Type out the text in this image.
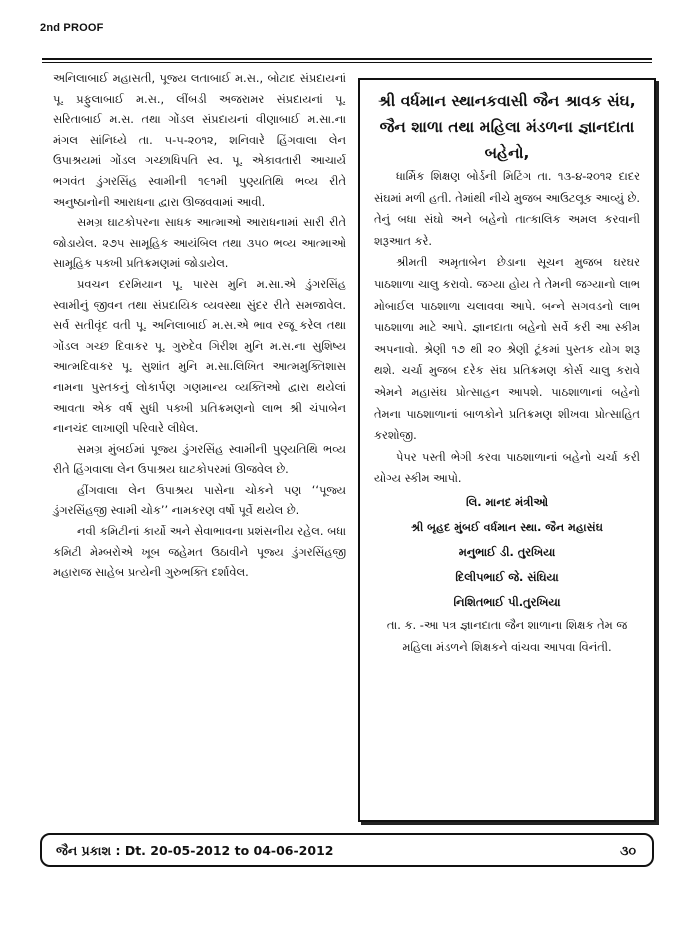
2nd PROOF

અનિલાબાઈ મહાસતી, પૂજ્ય લતાબાઈ મ.સ., બોટાદ સંપ્રદાયનાં પૂ. પ્રફુલાબાઈ મ.સ., લીંબડી અજરામર સંપ્રદાયનાં પૂ. સરિતાબાઈ મ.સ. તથા ગોંડલ સંપ્રદાયનાં વીણાબાઈ મ.સા.ના મંગલ સાંનિધ્યે તા. ૫-૫-૨૦૧૨, શનિવારે હિંગવાલા લેન ઉપાશ્રયમાં ગોંડલ ગચ્છાધિપતિ સ્વ. પૂ. એકાવતારી આચાર્ય ભગવંત ડુંગરસિંહ સ્વામીની ૧૯૧મી પુણ્યતિથિ ભવ્ય રીતે અનુષ્ઠાનોની આરાધના દ્વારા ઊજવવામાં આવી.

સમગ્ર ઘાટકોપરના સાધક આત્માઓ આરાધનામાં સારી રીતે જોડાયેલ. ૨૭૫ સામૂહિક આયંબિલ તથા ૩૫૦ ભવ્ય આત્માઓ સામૂહિક પક્ખી પ્રતિક્રમણમાં જોડાયેલ.

પ્રવચન દરમિયાન પૂ. પારસ મુનિ મ.સા.એ ડુંગરસિંહ સ્વામીનું જીવન તથા સંપ્રદાયિક વ્યવસ્થા સુંદર રીતે સમજાવેલ. સર્વ સતીવૃંદ વતી પૂ. અનિલાબાઈ મ.સ.એ ભાવ રજૂ કરેલ તથા ગોંડલ ગચ્છ દિવાકર પૂ. ગુરુદેવ ગિરીશ મુનિ મ.સ.ના સુશિષ્ય આત્મદિવાકર પૂ. સુશાંત મુનિ મ.સા.લિખિત આત્મમુક્તિશાસ નામના પુસ્તકનું લોકાર્પણ ગણમાન્ય વ્યક્તિઓ દ્વારા થયેલાં આવતા એક વર્ષ સુધી પક્ખી પ્રતિક્રમણનો લાભ શ્રી ચંપાબેન નાનચંદ લાખાણી પરિવારે લીધેલ.

સમગ્ર મુંબઈમાં પૂજ્ય ડુંગરસિંહ સ્વામીની પુણ્યતિથિ ભવ્ય રીતે હિંગવાલા લેન ઉપાશ્રય ઘાટકોપરમાં ઊજવેલ છે.

હીંગવાલા લેન ઉપાશ્રય પાસેના ચોકને પણ ‘‘પૂજ્ય ડુંગરસિંહજી સ્વામી ચોક’’ નામકરણ વર્ષો પૂર્વે થયેલ છે.

નવી કમિટીનાં કાર્યો અને સેવાભાવના પ્રશંસનીય રહેલ. બધા કમિટી મેમ્બરોએ ખૂબ જહેમત ઉઠાવીને પૂજ્ય ડુંગરસિંહજી મહારાજ સાહેબ પ્રત્યેની ગુરુભક્તિ દર્શાવેલ.

શ્રી વર્ધમાન સ્થાનકવાસી જૈન શ્રાવક સંઘ, જૈન શાળા તથા મહિલા મંડળના જ્ઞાનદાતા બહેનો,

ધાર્મિક શિક્ષણ બોર્ડની મિટિંગ તા. ૧૩-૪-૨૦૧૨ દાદર સંઘમાં મળી હતી. તેમાંથી નીચે મુજબ આઉટલૂક આવ્યું છે. તેનું બધા સંઘો અને બહેનો તાત્કાલિક અમલ કરવાની શરૂઆત કરે.

શ્રીમતી અમૃતાબેન છેડાના સૂચન મુજબ ઘરઘર પાઠશાળા ચાલુ કરાવો. જગ્યા હોય તે તેમની જગ્યાનો લાભ મોબાઈલ પાઠશાળા ચલાવવા આપે. બન્ને સગવડનો લાભ પાઠશાળા માટે આપે. જ્ઞાનદાતા બહેનો સર્વે કરી આ સ્કીમ અપનાવો. શ્રેણી ૧૭ થી ૨૦ શ્રેણી ટૂંકમાં પુસ્તક યોગ શરૂ થશે. ચર્ચા મુજબ દરેક સંઘ પ્રતિક્રમણ કોર્સ ચાલુ કરાવે એમને મહાસંઘ પ્રોત્સાહન આપશે. પાઠશાળાનાં બહેનો તેમના પાઠશાળાનાં બાળકોને પ્રતિક્રમણ શીખવા પ્રોત્સાહિત કરશોજી.

પેપર પસ્તી ભેગી કરવા પાઠશાળાનાં બહેનો ચર્ચા કરી યોગ્ય સ્કીમ આપો.

લિ. માનદ મંત્રીઓ

શ્રી બૃહદ મુંબઈ વર્ધમાન સ્થા. જૈન મહાસંઘ

મનુભાઈ ડી. તુરખિયા

દિલીપભાઈ જે. સંઘિયા

નિશિતભાઈ પી.તુરખિયા

તા. ક. -આ પત્ર જ્ઞાનદાતા જૈન શાળાના શિક્ષક તેમ જ મહિલા મંડળને શિક્ષકને વાંચવા આપવા વિનંતી.

જૈન પ્રકાશ : Dt. 20-05-2012 to 04-06-2012	૩૦
